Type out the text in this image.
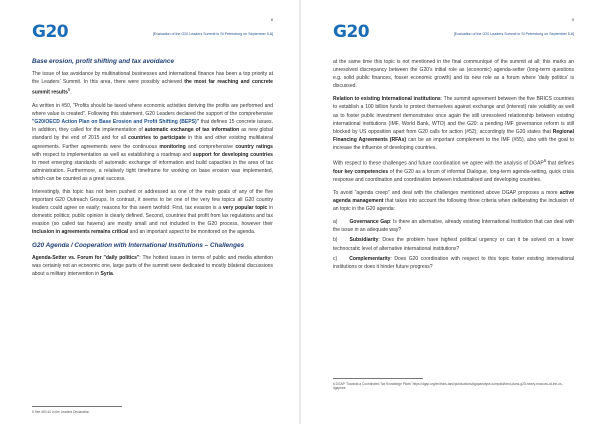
G20
8
[Evaluation of the G20 Leaders Summit in St Petersburg on September 5-6]
Base erosion, profit shifting and tax avoidance

The issue of tax avoidance by multinational businesses and international finance has been a top priority at the Leaders' Summit. In this area, there were possibly achieved the most far reaching and concrete summit results$^5$.

As written in #50, "Profits should be taxed where economic activities deriving the profits are performed and where value is created". Following this statement, G20 Leaders declared the support of the comprehensive "G20/OECD Action Plan on Base Erosion and Profit Shifting (BEPS)" that defines 15 concrete issues. In addition, they called for the implementation of automatic exchange of tax information as new global standard by the end of 2015 and for all countries to participate in this and other existing multilateral agreements. Further agreements were the continuous monitoring and comprehensive country ratings with respect to implementation as well as establishing a roadmap and support for developing countries to meet emerging standards of automatic exchange of information and build capacities in the area of tax administration. Furthermore, a relatively tight timeframe for working on base erosion was implemented, which can be counted as a great success.

Interestingly, this topic has not been pushed or addressed as one of the main goals of any of the five important G20 Outreach Groups. In contrast, it seems to be one of the very few topics all G20 country leaders could agree on easily; reasons for this seem twofold: First, tax evasion is a very popular topic in domestic politics; public opinion is clearly defined. Second, countries that profit from lax regulations and tax evasion (so called tax havens) are mostly small and not included in the G20 process, however their inclusion in agreements remains critical and an important aspect to be monitored on the agenda.

G20 Agenda / Cooperation with International Institutions – Challenges

Agenda-Setter vs. Forum for "daily politics": The hottest issues in terms of public and media attention was certainly not an economic one, large parts of the summit were dedicated to mostly bilateral discussions about a military intervention in Syria.

5 See #50-61 in the Leaders Declaration
G20
9
[Evaluation of the G20 Leaders Summit in St Petersburg on September 5-6]

at the same time this topic is not mentioned in the final communiqué of the summit at all; this marks an unresolved discrepancy between the G20's initial role as (economic) agenda-setter (long-term questions e.g. solid public finances, fosser economic growth) and its new role as a forum where 'daily politics' is discussed.

Relation to existing International institutions: The summit agreement between the five BRICS countries to establish a 100 billion funds to protect themselves against exchange and (interest) rate volatility as well as to foster public investment demonstrates once again the still unresolved relationship between existing international institutions (IMF, World Bank, WTO) and the G20: a pending IMF governance reform is still blocked by US opposition apart from G20 calls for action (#52); accordingly the G20 states that Regional Financing Agreements (RFAs) can be an important complement to the IMF (#55), also with the goal to increase the influence of developing countries.

With respect to these challenges and future coordination we agree with the analysis of DGAP$^6$ that defines four key competencies of the G20 as a forum of informal Dialogue, long-term agenda-setting, quick crisis response and coordination and coordination between industrialised and developing countries.

To avoid "agenda creep" and deal with the challenges mentioned above DGAP proposes a more active agenda management that takes into account the following three criteria when deliberating the inclusion of an topic in the G20 agenda:

a) Governance Gap: Is there an alternative, already existing International Institution that can deal with the issue in an adequate way?

b) Subsidiarity: Does the problem have highest political urgency or can it be solved on a lower technocratic level of alternative international institutions?

c) Complementarity: Does G20 coordination with respect to this topic foster existing international institutions or does it hinder future progress?

6 DGAP "Towards a Coordinated Tax Knowledge Pilots" https://dgap.org/en/think-tank/publications/dgapanalyse-kompakt/land-plans-g20-heavy-moscow-at-the-us-dgapbea
